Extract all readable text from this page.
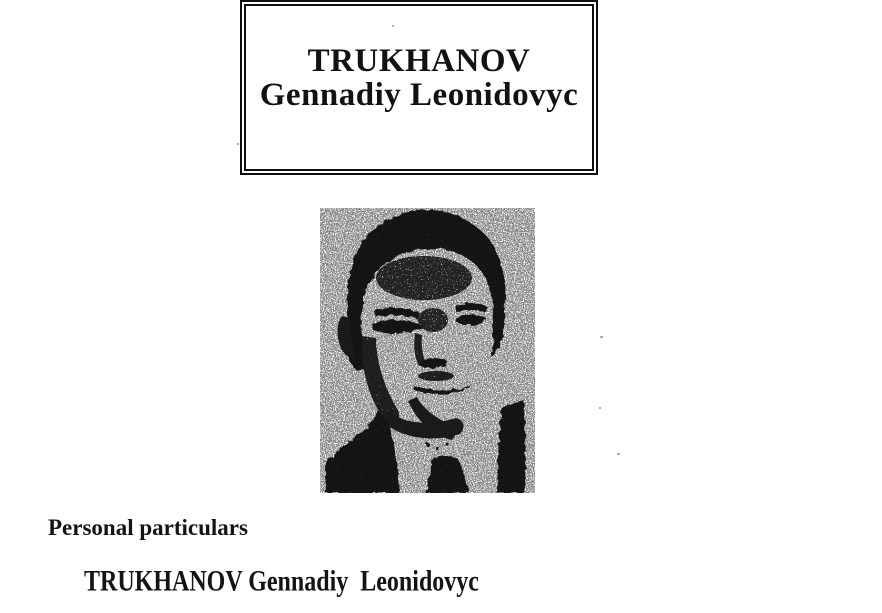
TRUKHANOV
Gennadiy Leonidovyc
Personal particulars
TRUKHANOV Gennadiy  Leonidovyc
